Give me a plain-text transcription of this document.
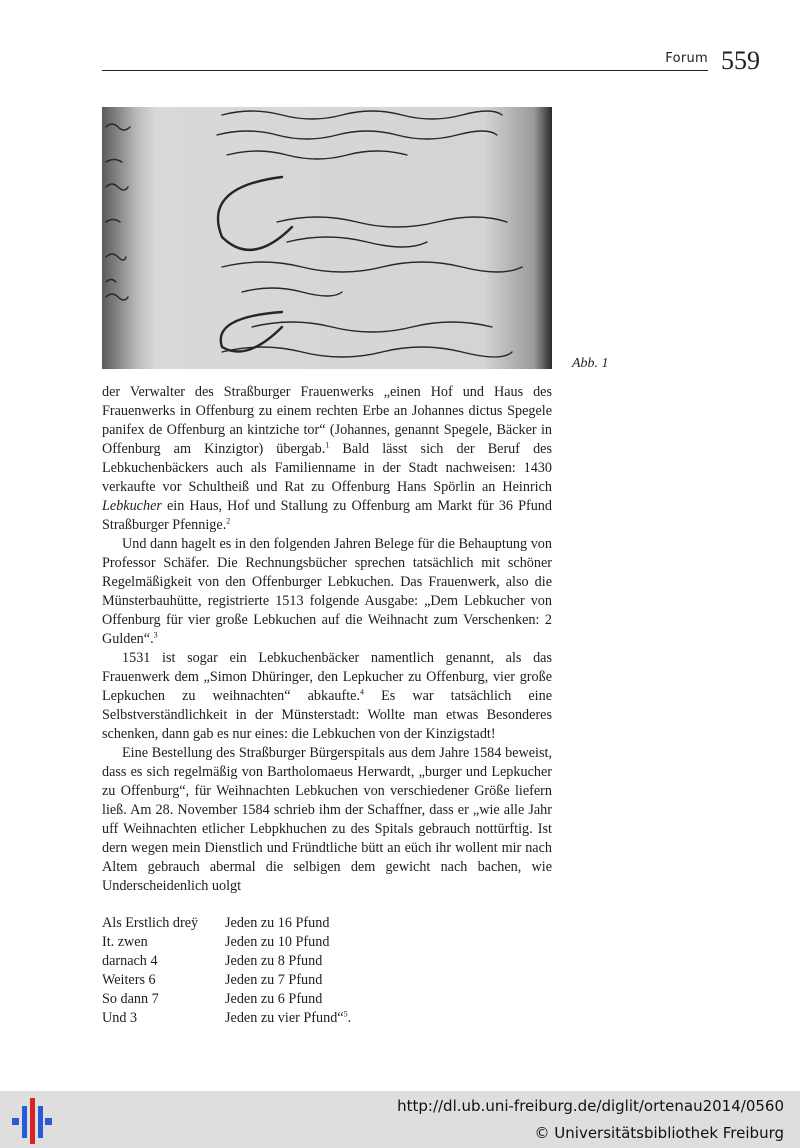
Forum 559
Abb. 1

der Verwalter des Straßburger Frauenwerks „einen Hof und Haus des Frauenwerks in Offenburg zu einem rechten Erbe an Johannes dictus Spegele panifex de Offenburg an kintziche tor“ (Johannes, genannt Spegele, Bäcker in Offenburg am Kinzigtor) übergab.$^1$ Bald lässt sich der Beruf des Lebkuchenbäckers auch als Familienname in der Stadt nachweisen: 1430 verkaufte vor Schultheiß und Rat zu Offenburg Hans Spörlin an Heinrich Lebkucher ein Haus, Hof und Stallung zu Offenburg am Markt für 36 Pfund Straßburger Pfennige.$^2$

Und dann hagelt es in den folgenden Jahren Belege für die Behauptung von Professor Schäfer. Die Rechnungsbücher sprechen tatsächlich mit schöner Regelmäßigkeit von den Offenburger Lebkuchen. Das Frauenwerk, also die Münsterbauhütte, registrierte 1513 folgende Ausgabe: „Dem Lebkucher von Offenburg für vier große Lebkuchen auf die Weihnacht zum Verschenken: 2 Gulden“.$^3$

1531 ist sogar ein Lebkuchenbäcker namentlich genannt, als das Frauenwerk dem „Simon Dhüringer, den Lepkucher zu Offenburg, vier große Lepkuchen zu weihnachten“ abkaufte.$^4$ Es war tatsächlich eine Selbstverständlichkeit in der Münsterstadt: Wollte man etwas Besonderes schenken, dann gab es nur eines: die Lebkuchen von der Kinzigstadt!

Eine Bestellung des Straßburger Bürgerspitals aus dem Jahre 1584 beweist, dass es sich regelmäßig von Bartholomaeus Herwardt, „burger und Lepkucher zu Offenburg“, für Weihnachten Lebkuchen von verschiedener Größe liefern ließ. Am 28. November 1584 schrieb ihm der Schaffner, dass er „wie alle Jahr uff Weihnachten etlicher Lebpkhuchen zu des Spitals gebrauch nottürftig. Ist dern wegen mein Dienstlich und Fründtliche bütt an eüch ihr wollent mir nach Altem gebrauch abermal die selbigen dem gewicht nach bachen, wie Underscheidenlich uolgt

Als Erstlich dreÿ	Jeden zu 16 Pfund
It. zwen	Jeden zu 10 Pfund
darnach 4	Jeden zu 8 Pfund
Weiters 6	Jeden zu 7 Pfund
So dann 7	Jeden zu 6 Pfund
Und 3	Jeden zu vier Pfund“$^5$.
http://dl.ub.uni-freiburg.de/diglit/ortenau2014/0560
© Universitätsbibliothek Freiburg
